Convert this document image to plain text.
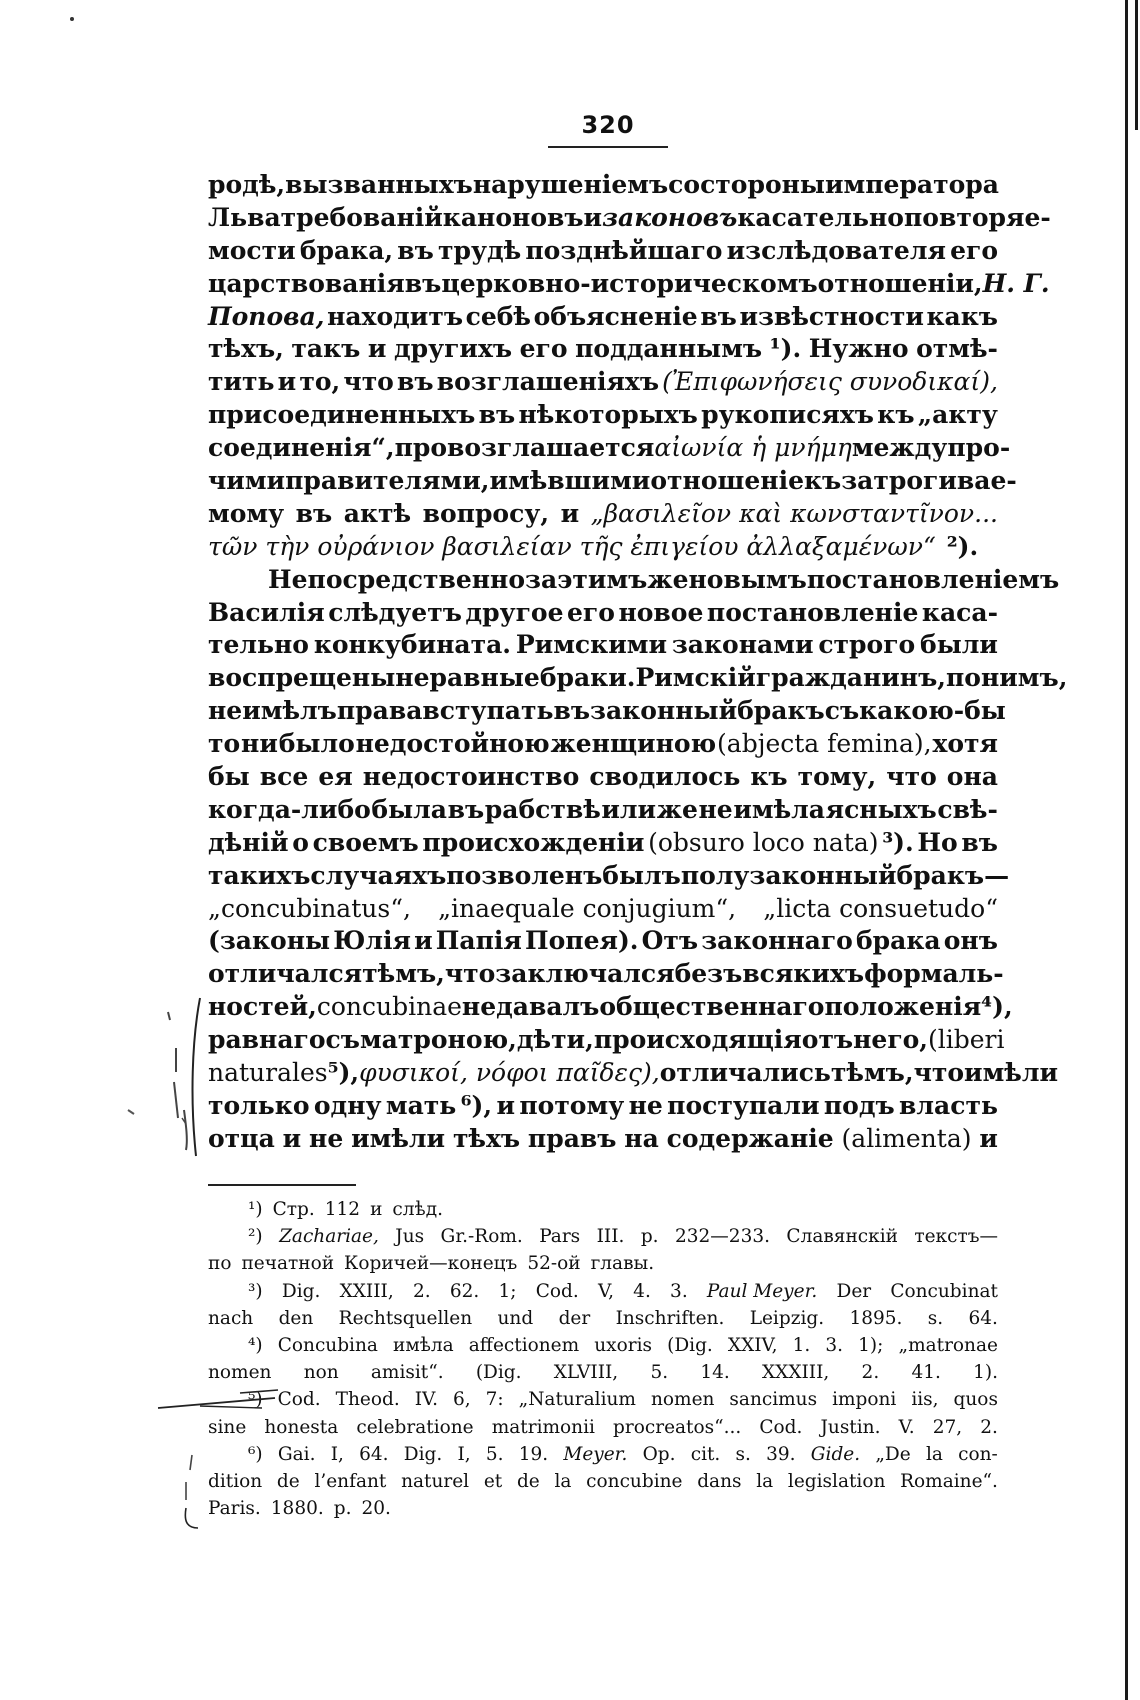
320
родѣ, вызванныхъ нарушеніемъ со стороны императора
Льва требованій каноновъ и законовъ касательно повторяе-
мости брака, въ трудѣ позднѣйшаго изслѣдователя его
царствованія въ церковно-историческомъ отношеніи, Н. Г.
Попова, находитъ себѣ объясненіе въ извѣстности какъ
тѣхъ, такъ и другихъ его подданнымъ ¹). Нужно отмѣ-
тить и то, что въ возглашеніяхъ (Ἐπιφωνήσεις συνοδικαί),
присоединенныхъ въ нѣкоторыхъ рукописяхъ къ „акту
соединенія“, провозглашается αἰωνία ἡ μνήμη между про-
чими правителями, имѣвшими отношеніе къ затрогивае-
мому въ актѣ вопросу, и „βασιλεῖον καὶ κωνσταντῖνον...
τῶν τὴν οὐράνιον βασιλείαν τῆς ἐπιγείου ἀλλαξαμένων“ ²).
Непосредственно за этимъ же новымъ постановленіемъ
Василія слѣдуетъ другое его новое постановленіе каса-
тельно конкубината. Римскими законами строго были
воспрещены неравные браки. Римскій гражданинъ, по нимъ,
не имѣлъ права вступать въ законный бракъ съ какою-бы
то ни было недостойною женщиною (abjecta femina), хотя
бы все ея недостоинство сводилось къ тому, что она
когда-либо была въ рабствѣ или же не имѣла ясныхъ свѣ-
дѣній о своемъ происхожденіи (obsuro loco nata) ³). Но въ
такихъ случаяхъ позволенъ былъ полузаконный бракъ—
„concubinatus“, „inaequale conjugium“, „licta consuetudo“
(законы Юлія и Папія Попея). Отъ законнаго брака онъ
отличался тѣмъ, что заключался безъ всякихъ формаль-
ностей, concubinae не давалъ общественнаго положенія ⁴),
равнаго съ матроною, дѣти, происходящія отъ него, (liberi
naturales ⁵), φυσικοί, νόφοι παῖδες), отличались тѣмъ, что имѣли
только одну мать ⁶), и потому не поступали подъ власть
отца и не имѣли тѣхъ правъ на содержаніе (alimenta) и
¹) Стр. 112 и слѣд.
²) Zachariae, Jus Gr.-Rom. Pars III. p. 232—233. Славянскій текстъ—
по печатной Коричей—конецъ 52-ой главы.
³) Dig. XXIII, 2. 62. 1; Cod. V, 4. 3. Paul Meyer. Der Concubinat
nach den Rechtsquellen und der Inschriften. Leipzig. 1895. s. 64.
⁴) Concubina имѣла affectionem uxoris (Dig. XXIV, 1. 3. 1); „matronae
nomen non amisit“. (Dig. XLVIII, 5. 14. XXXIII, 2. 41. 1).
⁵) Cod. Theod. IV. 6, 7: „Naturalium nomen sancimus imponi iis, quos
sine honesta celebratione matrimonii procreatos“... Cod. Justin. V. 27, 2.
⁶) Gai. I, 64. Dig. I, 5. 19. Meyer. Op. cit. s. 39. Gide. „De la con-
dition de l’enfant naturel et de la concubine dans la legislation Romaine“.
Paris. 1880. p. 20.
